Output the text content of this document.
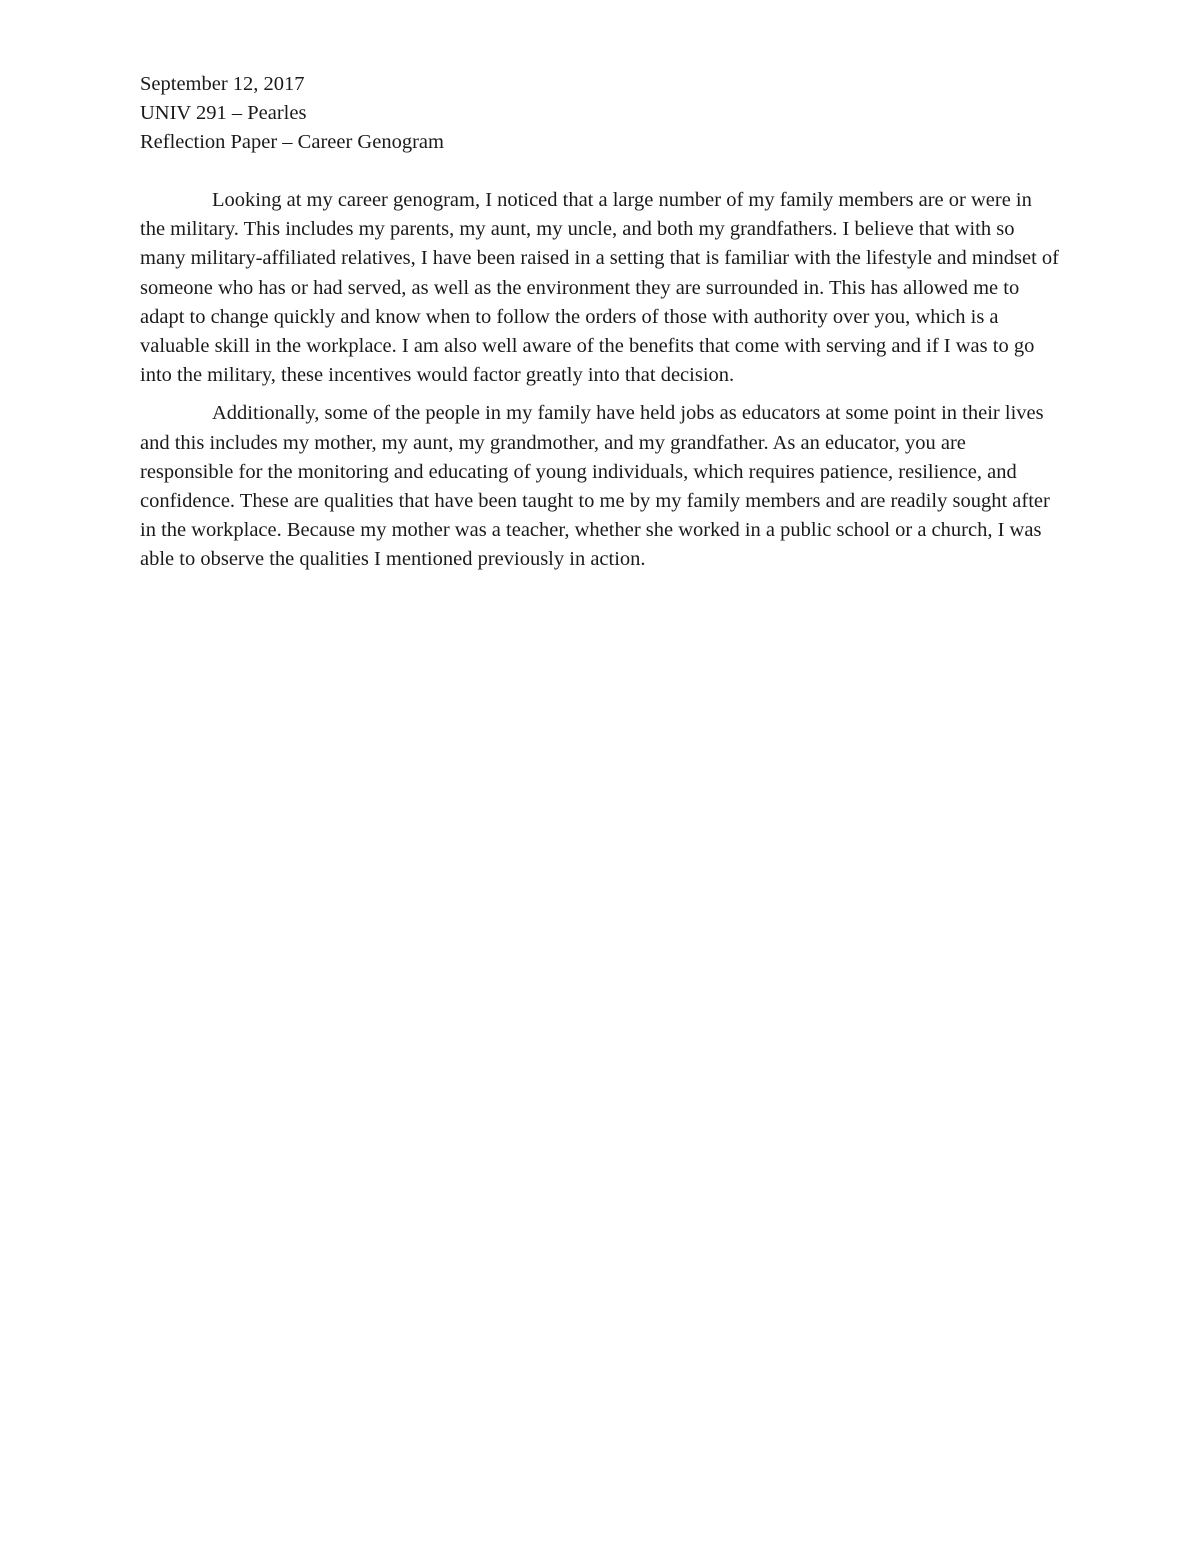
September 12, 2017

UNIV 291 – Pearles

Reflection Paper – Career Genogram

Looking at my career genogram, I noticed that a large number of my family members are or were in the military. This includes my parents, my aunt, my uncle, and both my grandfathers. I believe that with so many military-affiliated relatives, I have been raised in a setting that is familiar with the lifestyle and mindset of someone who has or had served, as well as the environment they are surrounded in. This has allowed me to adapt to change quickly and know when to follow the orders of those with authority over you, which is a valuable skill in the workplace. I am also well aware of the benefits that come with serving and if I was to go into the military, these incentives would factor greatly into that decision.

Additionally, some of the people in my family have held jobs as educators at some point in their lives and this includes my mother, my aunt, my grandmother, and my grandfather. As an educator, you are responsible for the monitoring and educating of young individuals, which requires patience, resilience, and confidence. These are qualities that have been taught to me by my family members and are readily sought after in the workplace. Because my mother was a teacher, whether she worked in a public school or a church, I was able to observe the qualities I mentioned previously in action.
